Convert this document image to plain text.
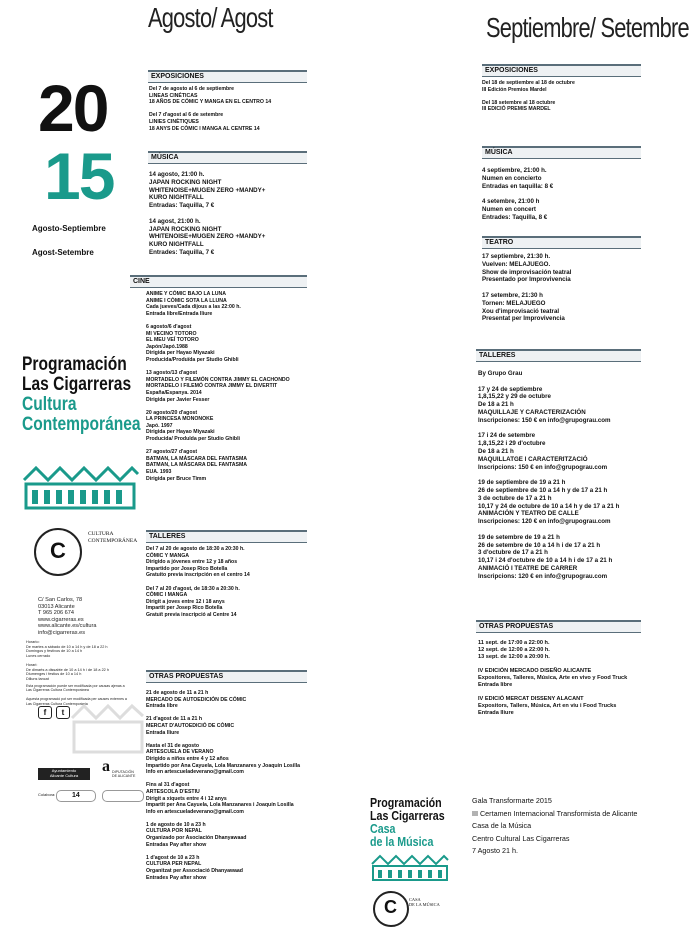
Agosto/ Agost	Septiembre/ Setembre
20
15
Agosto-Septiembre
Agost-Setembre
Programación
Las Cigarreras
Cultura
Contemporánea
C
CULTURA
CONTEMPORÁNEA
C/ San Carlos, 78
03013 Alicante
T 965 206 674
www.cigarreras.es
www.alicante.es/cultura
info@cigarreras.es
Horario:
De martes a sábado de 10 a 14 h y de 18 a 22 h
Domingos y festivos de 10 a 14 h
Lunes cerrado

Horari:
De dimarts a dissabte de 10 a 14 h i de 18 a 22 h
Diumenges i festius de 10 a 14 h
Dilluns tancat
Esta programación puede ser modificada por causas ajenas a
Las Cigarreras Cultura Contemporánea

Aquesta programació pot ser modificada per causes externes a
Las Cigarreras Cultura Contemporània
f	t
Ayuntamiento
Alicante Cultura
a DIPUTACIÓN
DE ALICANTE
Colabora: 14
EXPOSICIONES
Del 7 de agosto al 6 de septiembre
LINEAS CINÉTICAS
18 AÑOS DE CÓMIC Y MANGA EN EL CENTRO 14

Del 7 d'agost al 6 de setembre
LINIES CINÈTIQUES
18 ANYS DE CÒMIC I MANGA AL CENTRE 14
MÚSICA
14 agosto, 21:00 h.
JAPAN ROCKING NIGHT
WHITENOISE+MUGEN ZERO +MANDY+
KURO NIGHTFALL
Entradas: Taquilla, 7 €

14 agost, 21:00 h.
JAPAN ROCKING NIGHT
WHITENOISE+MUGEN ZERO +MANDY+
KURO NIGHTFALL
Entrades: Taquilla, 7 €
CINE
ANIME Y CÓMIC BAJO LA LUNA
ANIME I CÒMIC SOTA LA LLUNA
Cada jueves/Cada dijous a las 22:00 h.
Entrada libre/Entrada lliure

6 agosto/6 d'agost
MI VECINO TOTORO
EL MEU VEÍ TOTORO
Japón/Japó.1988
Dirigida per Hayao Miyazaki
Producida/Produïda per Studio Ghibli

13 agosto/13 d'agost
MORTADELO Y FILEMÓN CONTRA JIMMY EL CACHONDO
MORTADELO I FILEMÓ CONTRA JIMMY EL DIVERTIT
España/Espanya. 2014
Dirigida per Javier Fesser

20 agosto/20 d'agost
LA PRINCESA MONONOKE
Japó. 1997
Dirigida per Hayao Miyazaki
Producida/ Produïda per Studio Ghibli

27 agosto/27 d'agost
BATMAN, LA MÁSCARA DEL FANTASMA
BATMAN, LA MÀSCARA DEL FANTASMA
EUA. 1993
Dirigida per Bruce Timm
TALLERES
Del 7 al 20 de agosto de 18:30 a 20:30 h.
CÓMIC Y MANGA
Dirigido a jóvenes entre 12 y 18 años
Impartido por Josep Rico Botella
Gratuito previa inscripción en el centro 14

Del 7 al 20 d'agost, de 18:30 a 20:30 h.
CÒMIC I MANGA
Dirigit a joves entre 12 i 18 anys
Impartit per Josep Rico Botella
Gratuït previa inscripció al Centre 14
OTRAS PROPUESTAS
21 de agosto de 11 a 21 h
MERCADO DE AUTOEDICIÓN DE CÓMIC
Entrada libre

21 d'agost de 11 a 21 h
MERCAT D'AUTOEDICIÓ DE CÒMIC
Entrada lliure

Hasta el 31 de agosto
ARTESCUELA DE VERANO
Dirigido a niños entre 4 y 12 años
Impartido por Ana Cayuela, Lola Manzanares y Joaquín Losilla
Info en artescueladeverano@gmail.com

Fins al 31 d'agost
ARTESCOLA D'ESTIU
Dirigit a xiquets entre 4 i 12 anys
Impartit per Ana Cayuela, Lola Manzanares i Joaquín Losilla
Info en artescueladeverano@gmail.com

1 de agosto de 10 a 23 h
CULTURA POR NEPAL
Organizado por Asociación Dhanyawaad
Entradas Pay after show

1 d'agost de 10 a 23 h
CULTURA PER NEPAL
Organitzat per Associació Dhanyawaad
Entrades Pay after show
EXPOSICIONES
Del 18 de septiembre al 18 de octubre
III Edición Premios Mardel

Del 18 setembre al 18 octubre
III EDICIÓ PREMIS MARDEL
MÚSICA
4 septiembre, 21:00 h.
Numen en concierto
Entradas en taquilla: 8 €

4 setembre, 21:00 h
Numen en concert
Entrades: Taquilla, 8 €
TEATRO
17 septiembre, 21:30 h.
Vuelven: MELAJUEGO.
Show de improvisación teatral
Presentado por Improvivencia

17 setembre, 21:30 h
Tornen: MELAJUEGO
Xou d'improvisació teatral
Presentat per Improvivencia
TALLERES
By Grupo Grau

17 y 24 de septiembre
1,8,15,22 y 29 de octubre
De 18 a 21 h
MAQUILLAJE Y CARACTERIZACIÓN
Inscripciones: 150 € en info@grupograu.com

17 i 24 de setembre
1,8,15,22 i 29 d'octubre
De 18 a 21 h
MAQUILLATGE I CARACTERITZACIÓ
Inscripcions: 150 € en info@grupograu.com

19 de septiembre de 19 a 21 h
26 de septiembre de 10 a 14 h y de 17 a 21 h
3 de octubre de 17 a 21 h
10,17 y 24 de octubre de 10 a 14 h y de 17 a 21 h
ANIMACIÓN Y TEATRO DE CALLE
Inscripciones: 120 € en info@grupograu.com

19 de setembre de 19 a 21 h
26 de setembre de 10 a 14 h i de 17 a 21 h
3 d'octubre de 17 a 21 h
10,17 i 24 d'octubre de 10 a 14 h i de 17 a 21 h
ANIMACIÓ I TEATRE DE CARRER
Inscripcions: 120 € en info@grupograu.com
OTRAS PROPUESTAS
11 sept. de 17:00 a 22:00 h.
12 sept. de 12:00 a 22:00 h.
13 sept. de 12:00 a 20:00 h.

IV EDICIÓN MERCADO DISEÑO ALICANTE
Expositores, Talleres, Música, Arte en vivo y Food Truck
Entrada libre

IV EDICIÓ MERCAT DISSENY ALACANT
Expositors, Tallers, Música, Art en viu i Food Trucks
Entrada lliure
Programación
Las Cigarreras
Casa
de la Música
C	CASA
DE LA MÚSICA
Gala Transformarte 2015
III Certamen Internacional Transformista de Alicante
Casa de la Música
Centro Cultural Las Cigarreras
7 Agosto 21 h.
